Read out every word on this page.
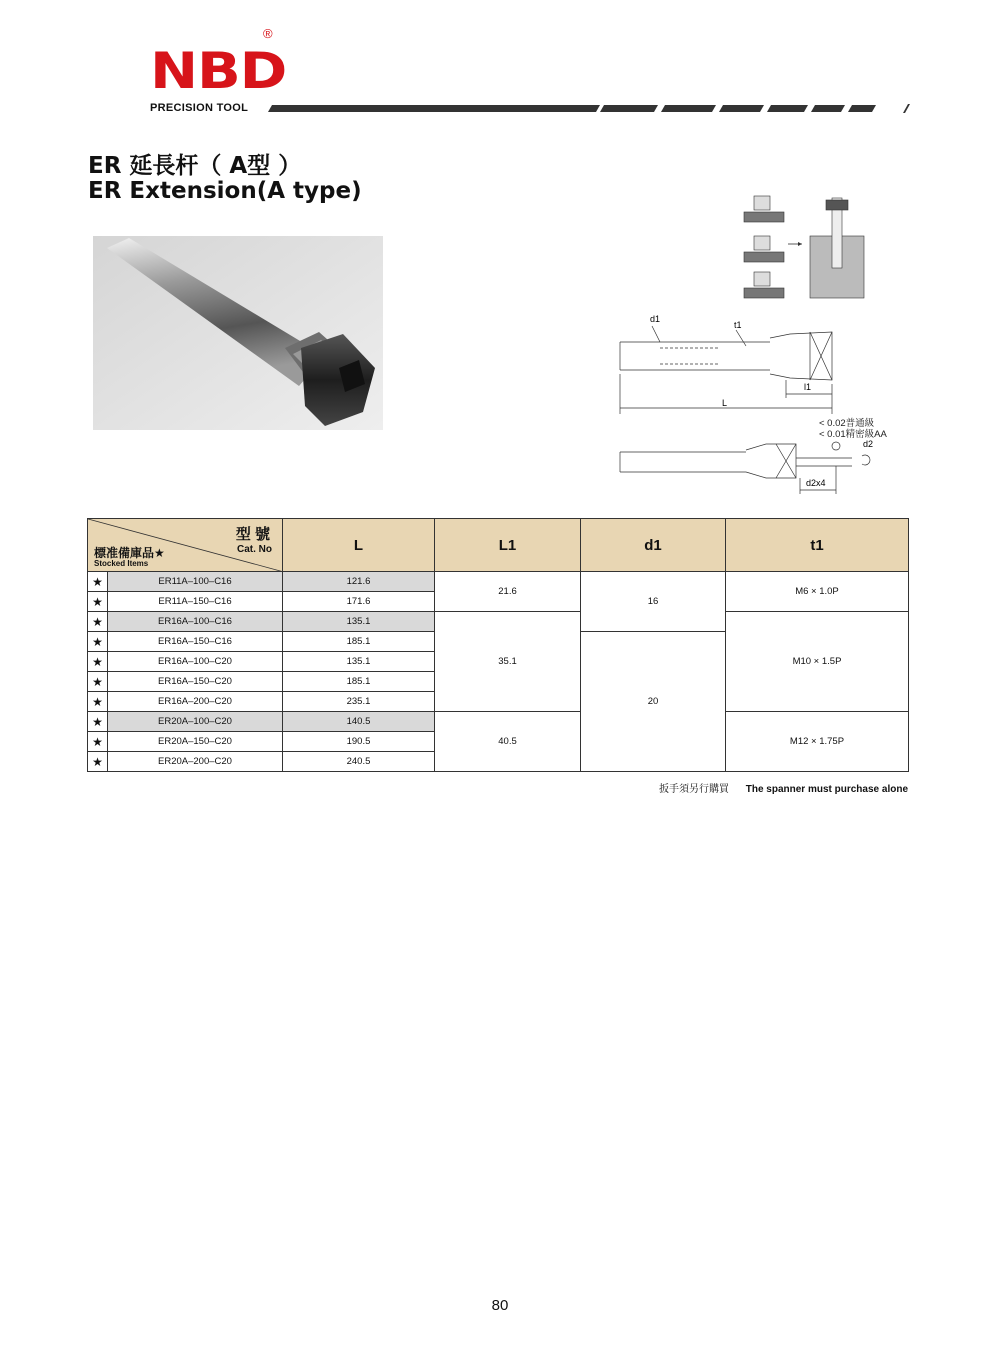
NBD
®
PRECISION TOOL
ER 延長杆（ A型 ）
ER Extension(A type)
d1
t1
l1
L
d2
d2x4
< 0.02普通級
< 0.01精密級AA
型 號
Cat. No
標准備庫品★
Stocked Items		L	L1	d1	t1
★	ER11A–100–C16	121.6	21.6	16	M6 × 1.0P
★	ER11A–150–C16	171.6			
★	ER16A–100–C16	135.1	35.1		M10 × 1.5P
★	ER16A–150–C16	185.1		20	
★	ER16A–100–C20	135.1			
★	ER16A–150–C20	185.1			
★	ER16A–200–C20	235.1			
★	ER20A–100–C20	140.5	40.5		M12 × 1.75P
★	ER20A–150–C20	190.5			
★	ER20A–200–C20	240.5			
扳手須另行購買 The spanner must purchase alone
80
